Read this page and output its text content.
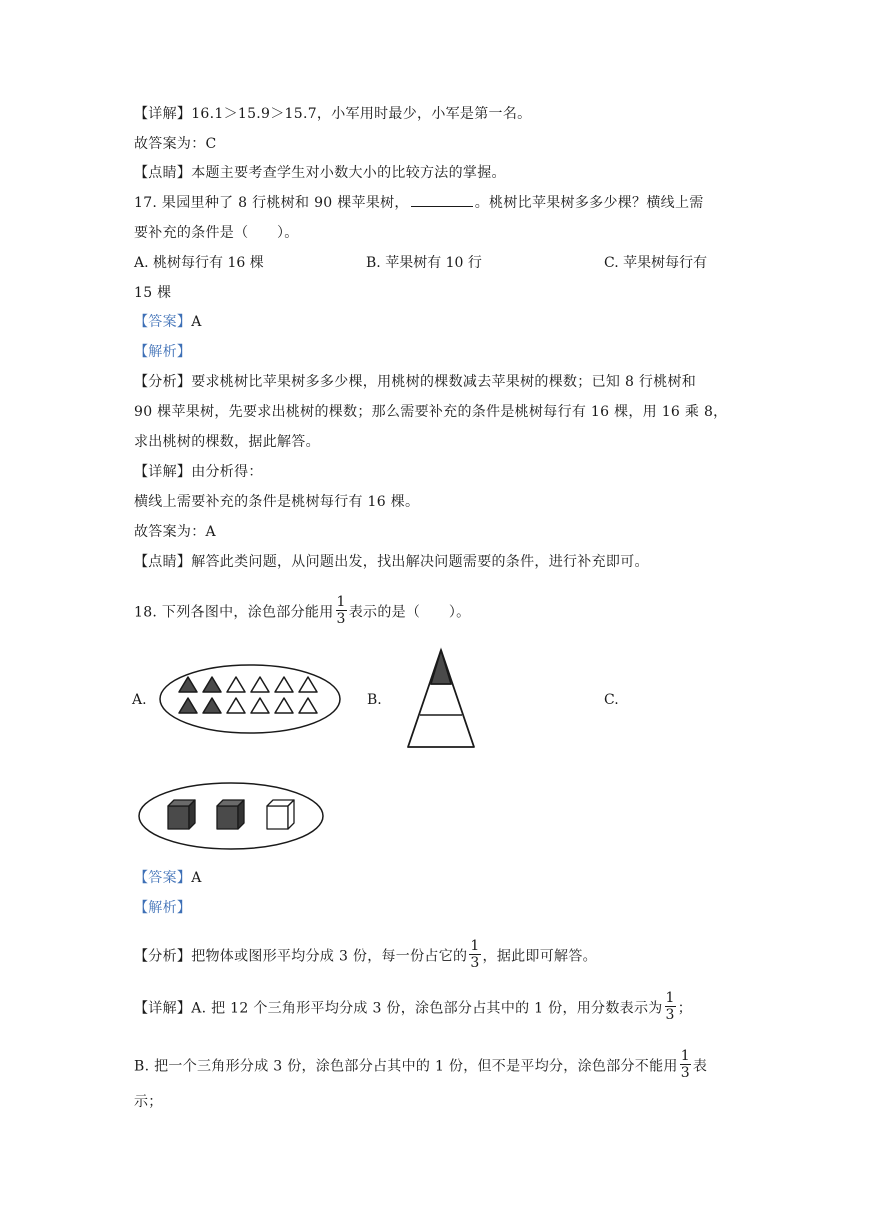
【详解】16.1＞15.9＞15.7，小军用时最少，小军是第一名。
故答案为：C
【点睛】本题主要考查学生对小数大小的比较方法的掌握。
17. 果园里种了 8 行桃树和 90 棵苹果树，	。桃树比苹果树多多少棵？横线上需
要补充的条件是（　　）。
A. 桃树每行有 16 棵	B. 苹果树有 10 行	C. 苹果树每行有
15 棵
【答案】A
【解析】
【分析】要求桃树比苹果树多多少棵，用桃树的棵数减去苹果树的棵数；已知 8 行桃树和
90 棵苹果树，先要求出桃树的棵数；那么需要补充的条件是桃树每行有 16 棵，用 16 乘 8，
求出桃树的棵数，据此解答。
【详解】由分析得：
横线上需要补充的条件是桃树每行有 16 棵。
故答案为：A
【点睛】解答此类问题，从问题出发，找出解决问题需要的条件，进行补充即可。
18. 下列各图中，涂色部分能用 $\frac{1}{3}$ 表示的是（　　）。
A.	B.	C.
【答案】A
【解析】
【分析】把物体或图形平均分成 3 份，每一份占它的 $\frac{1}{3}$ ，据此即可解答。
【详解】A. 把 12 个三角形平均分成 3 份，涂色部分占其中的 1 份，用分数表示为 $\frac{1}{3}$ ；
B. 把一个三角形分成 3 份，涂色部分占其中的 1 份，但不是平均分，涂色部分不能用 $\frac{1}{3}$ 表
示；
